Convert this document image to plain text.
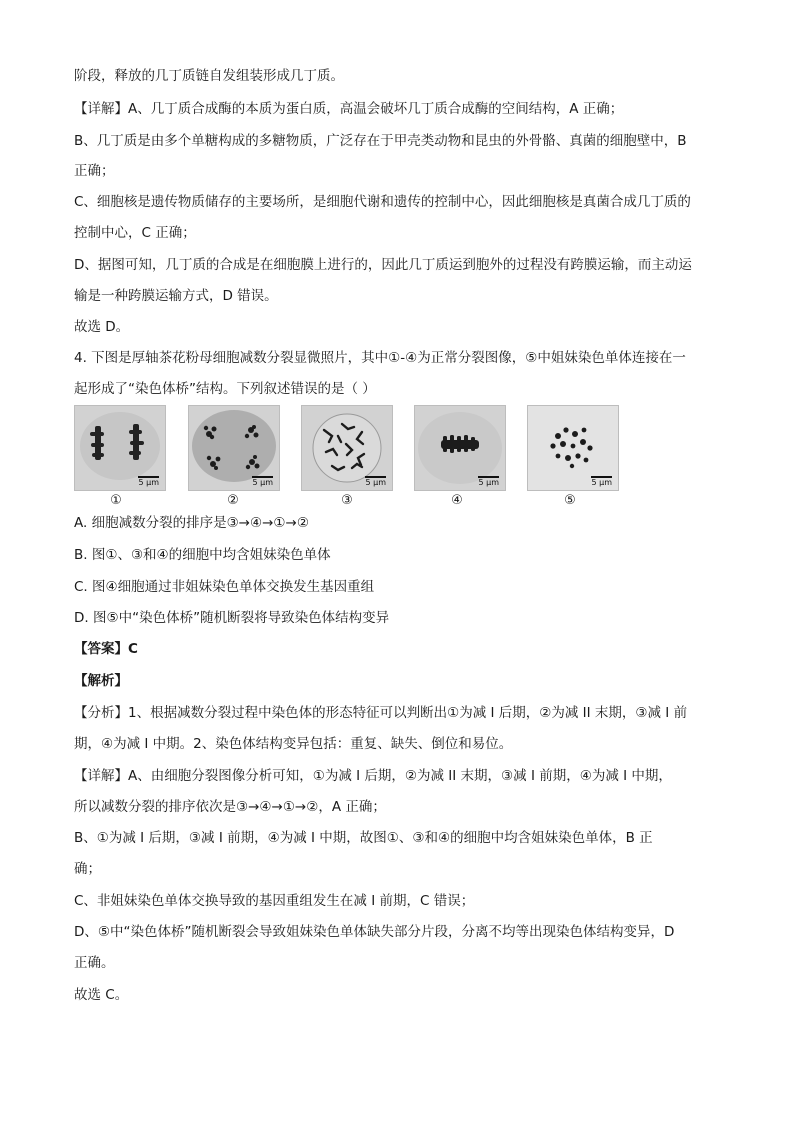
阶段，释放的几丁质链自发组装形成几丁质。
【详解】A、几丁质合成酶的本质为蛋白质，高温会破坏几丁质合成酶的空间结构，A 正确；
B、几丁质是由多个单糖构成的多糖物质，广泛存在于甲壳类动物和昆虫的外骨骼、真菌的细胞壁中，B
正确；
C、细胞核是遗传物质储存的主要场所，是细胞代谢和遗传的控制中心，因此细胞核是真菌合成几丁质的
控制中心，C 正确；
D、据图可知，几丁质的合成是在细胞膜上进行的，因此几丁质运到胞外的过程没有跨膜运输，而主动运
输是一种跨膜运输方式，D 错误。
故选 D。
4. 下图是厚轴茶花粉母细胞减数分裂显微照片，其中①-④为正常分裂图像，⑤中姐妹染色单体连接在一
起形成了“染色体桥”结构。下列叙述错误的是（ ）
5 μm	5 μm	5 μm	5 μm	5 μm
①	②	③	④	⑤
A. 细胞减数分裂的排序是③→④→①→②
B. 图①、③和④的细胞中均含姐妹染色单体
C. 图④细胞通过非姐妹染色单体交换发生基因重组
D. 图⑤中“染色体桥”随机断裂将导致染色体结构变异
【答案】C
【解析】
【分析】1、根据减数分裂过程中染色体的形态特征可以判断出①为减 I 后期，②为减 II 末期，③减 I 前
期，④为减 I 中期。2、染色体结构变异包括：重复、缺失、倒位和易位。
【详解】A、由细胞分裂图像分析可知，①为减 I 后期，②为减 II 末期，③减 I 前期，④为减 I 中期，
所以减数分裂的排序依次是③→④→①→②，A 正确；
B、①为减 I 后期，③减 I 前期，④为减 I 中期，故图①、③和④的细胞中均含姐妹染色单体，B 正
确；
C、非姐妹染色单体交换导致的基因重组发生在减 I 前期，C 错误；
D、⑤中“染色体桥”随机断裂会导致姐妹染色单体缺失部分片段，分离不均等出现染色体结构变异，D
正确。
故选 C。
